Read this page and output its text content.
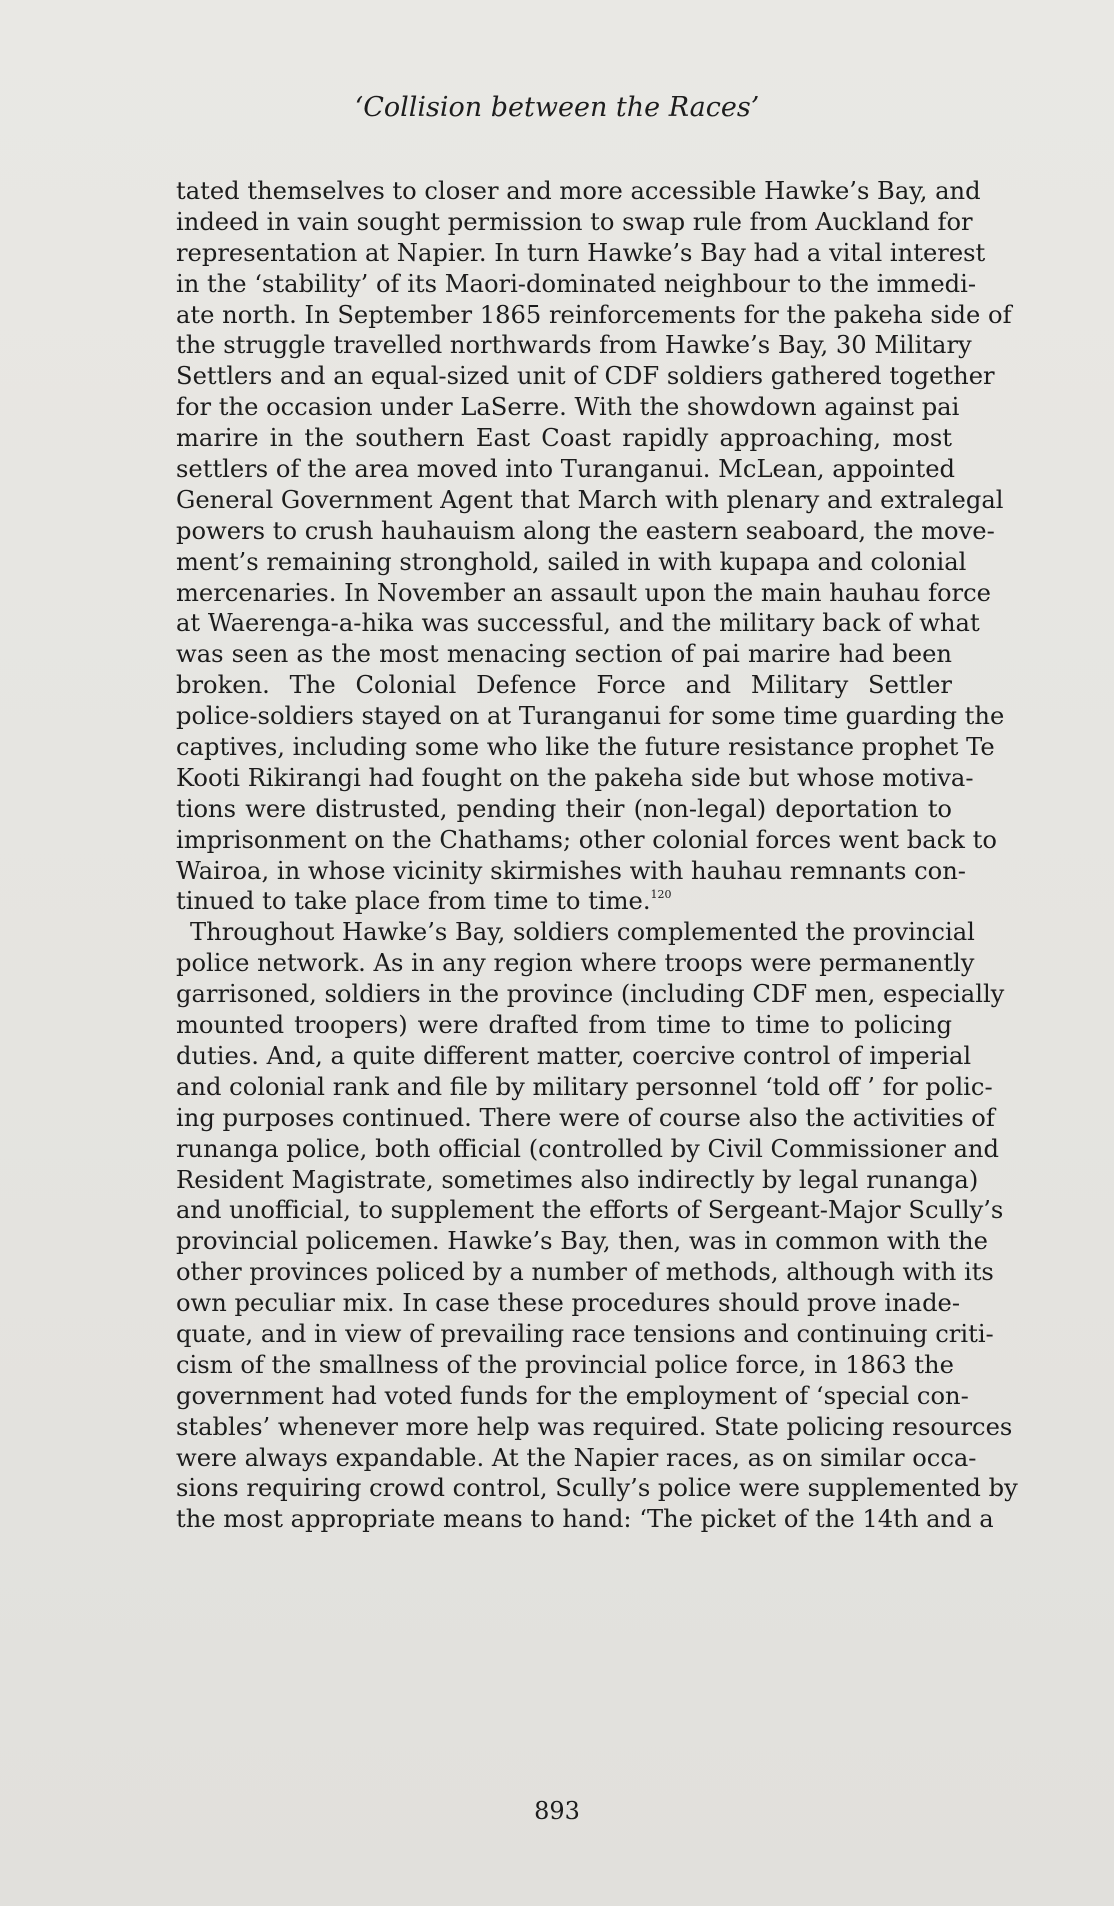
‘Collision between the Races’
tated themselves to closer and more accessible Hawke’s Bay, and
indeed in vain sought permission to swap rule from Auckland for
representation at Napier. In turn Hawke’s Bay had a vital interest
in the ‘stability’ of its Maori-dominated neighbour to the immedi-
ate north. In September 1865 reinforcements for the pakeha side of
the struggle travelled northwards from Hawke’s Bay, 30 Military
Settlers and an equal-sized unit of CDF soldiers gathered together
for the occasion under LaSerre. With the showdown against pai
marire in the southern East Coast rapidly approaching, most
settlers of the area moved into Turanganui. McLean, appointed
General Government Agent that March with plenary and extralegal
powers to crush hauhauism along the eastern seaboard, the move-
ment’s remaining stronghold, sailed in with kupapa and colonial
mercenaries. In November an assault upon the main hauhau force
at Waerenga-a-hika was successful, and the military back of what
was seen as the most menacing section of pai marire had been
broken. The Colonial Defence Force and Military Settler
police-soldiers stayed on at Turanganui for some time guarding the
captives, including some who like the future resistance prophet Te
Kooti Rikirangi had fought on the pakeha side but whose motiva-
tions were distrusted, pending their (non-legal) deportation to
imprisonment on the Chathams; other colonial forces went back to
Wairoa, in whose vicinity skirmishes with hauhau remnants con-
tinued to take place from time to time.$^{120}$
Throughout Hawke’s Bay, soldiers complemented the provincial
police network. As in any region where troops were permanently
garrisoned, soldiers in the province (including CDF men, especially
mounted troopers) were drafted from time to time to policing
duties. And, a quite different matter, coercive control of imperial
and colonial rank and file by military personnel ‘told off ’ for polic-
ing purposes continued. There were of course also the activities of
runanga police, both official (controlled by Civil Commissioner and
Resident Magistrate, sometimes also indirectly by legal runanga)
and unofficial, to supplement the efforts of Sergeant-Major Scully’s
provincial policemen. Hawke’s Bay, then, was in common with the
other provinces policed by a number of methods, although with its
own peculiar mix. In case these procedures should prove inade-
quate, and in view of prevailing race tensions and continuing criti-
cism of the smallness of the provincial police force, in 1863 the
government had voted funds for the employment of ‘special con-
stables’ whenever more help was required. State policing resources
were always expandable. At the Napier races, as on similar occa-
sions requiring crowd control, Scully’s police were supplemented by
the most appropriate means to hand: ‘The picket of the 14th and a
893
